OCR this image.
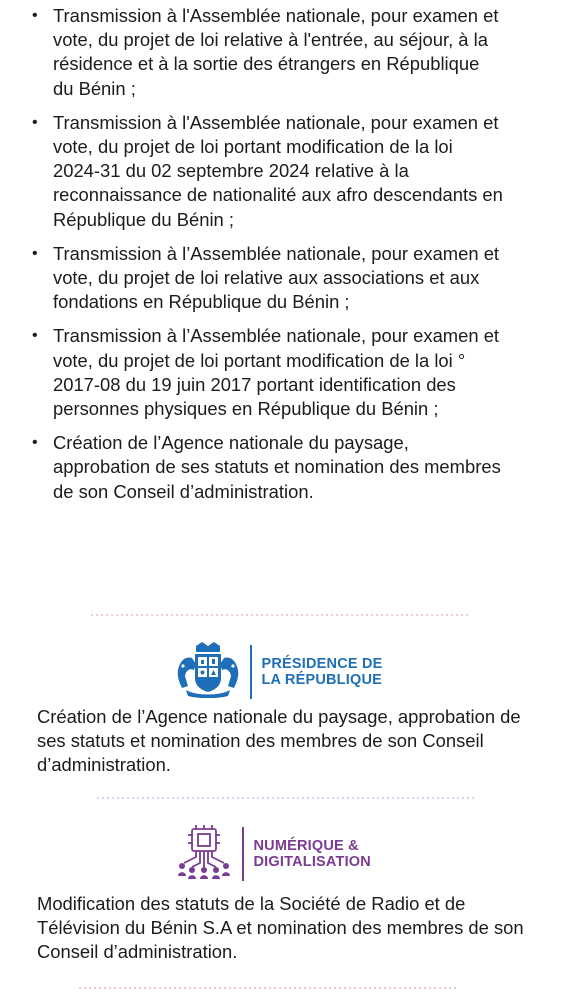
• Transmission à l'Assemblée nationale, pour examen et vote, du projet de loi relative à l'entrée, au séjour, à la résidence et à la sortie des étrangers en République du Bénin ;
• Transmission à l'Assemblée nationale, pour examen et vote, du projet de loi portant modification de la loi 2024-31 du 02 septembre 2024 relative à la reconnaissance de nationalité aux afro descendants en République du Bénin ;
• Transmission à l’Assemblée nationale, pour examen et vote, du projet de loi relative aux associations et aux fondations en République du Bénin ;
• Transmission à l’Assemblée nationale, pour examen et vote, du projet de loi portant modification de la loi ° 2017-08 du 19 juin 2017 portant identification des personnes physiques en République du Bénin ;
• Création de l’Agence nationale du paysage, approbation de ses statuts et nomination des membres de son Conseil d’administration.
PRÉSIDENCE DE
LA RÉPUBLIQUE
Création de l’Agence nationale du paysage, approbation de ses statuts et nomination des membres de son Conseil d’administration.
NUMÉRIQUE &
DIGITALISATION
Modification des statuts de la Société de Radio et de Télévision du Bénin S.A et nomination des membres de son Conseil d’administration.
